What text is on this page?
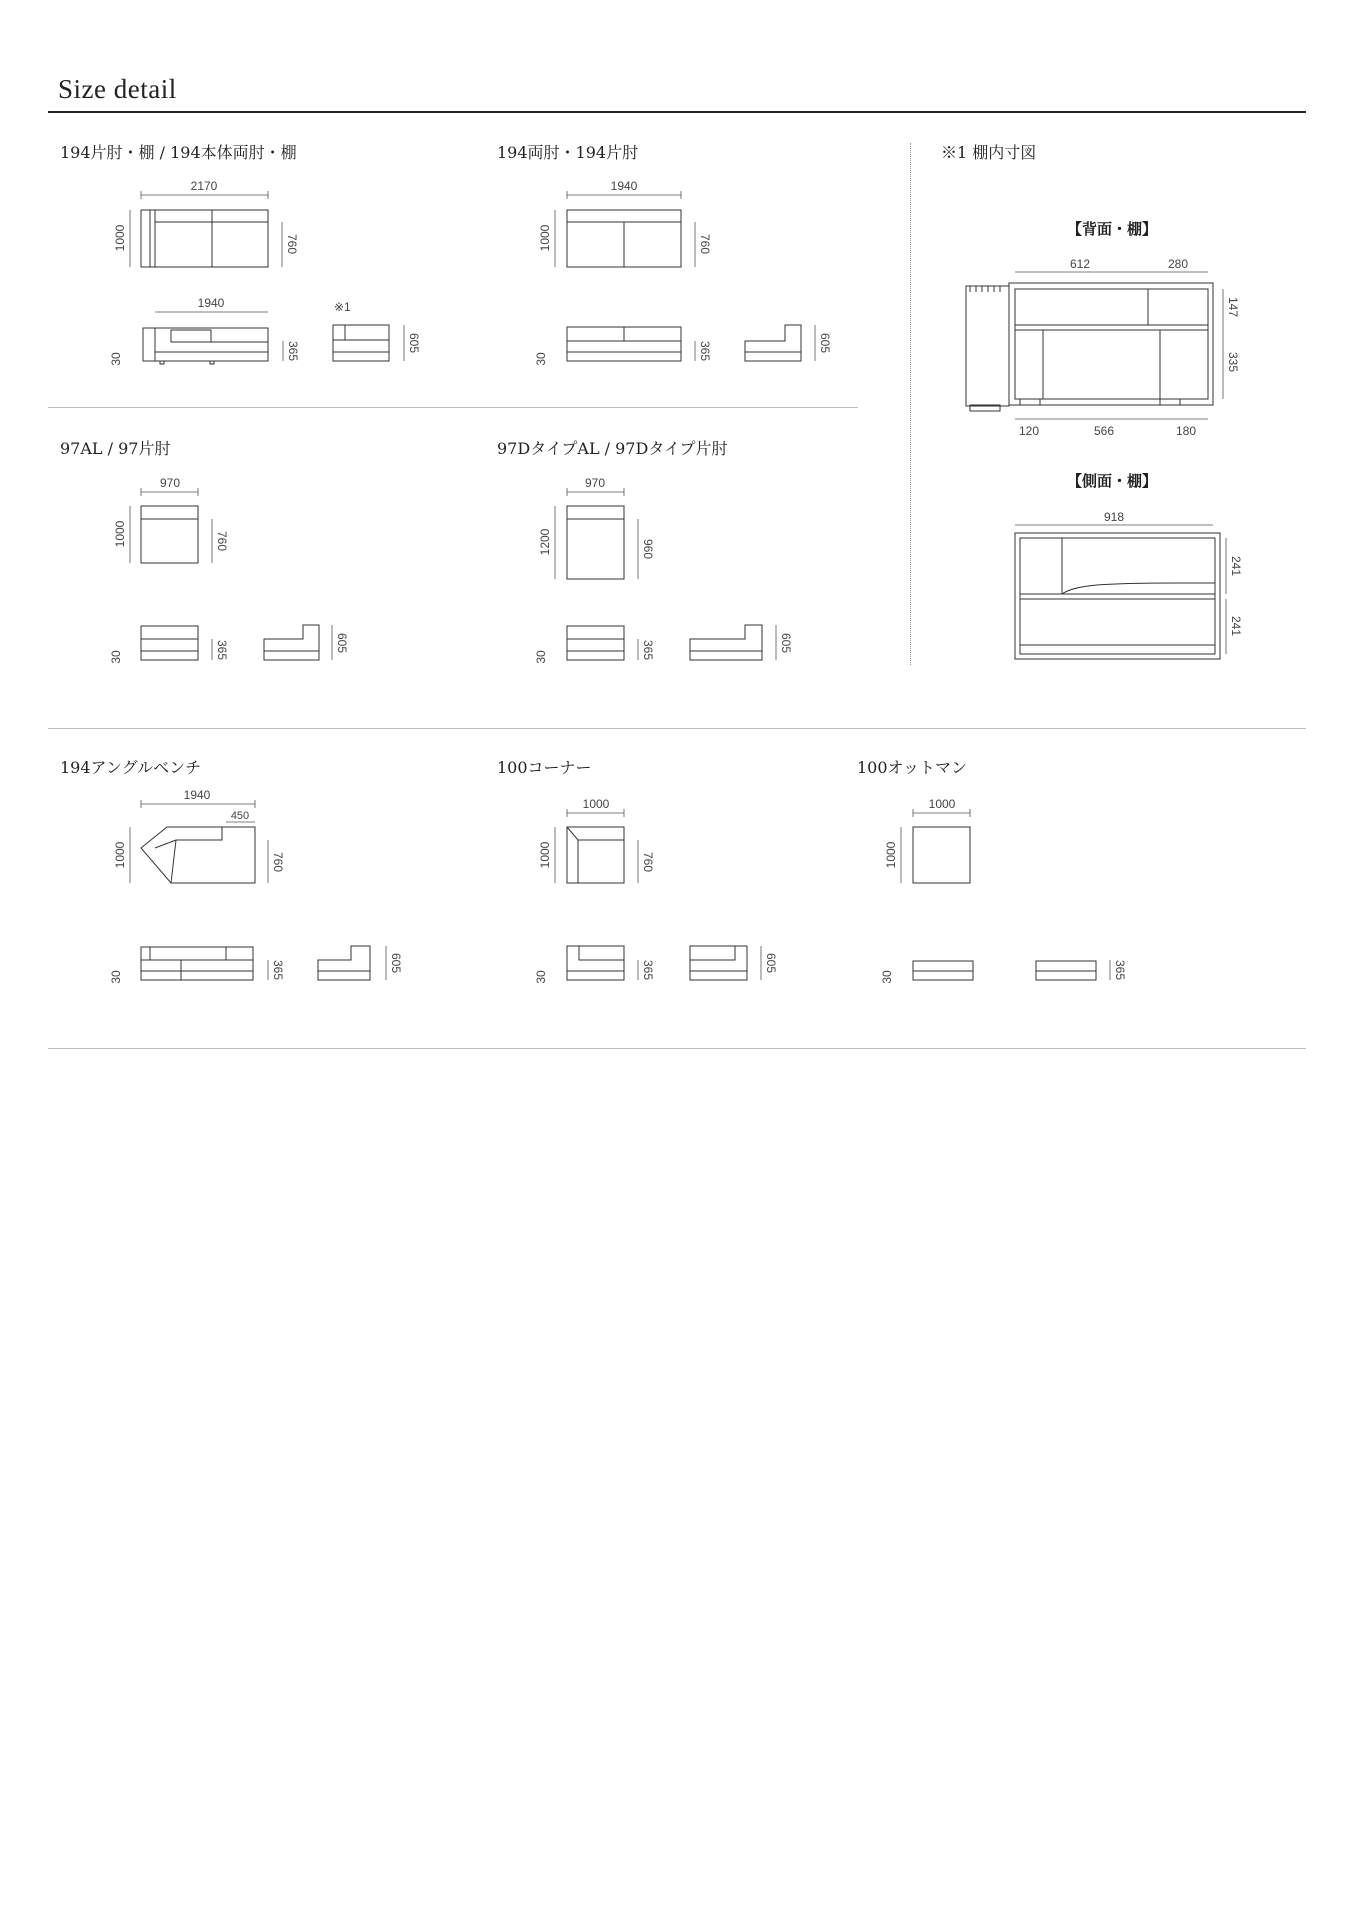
Size detail
194片肘・棚 / 194本体両肘・棚	194両肘・194片肘	※1 棚内寸図
97AL / 97片肘	97DタイプAL / 97Dタイプ片肘
194アングルベンチ	100コーナー	100オットマン
【背面・棚】
【側面・棚】
2170
1000	760
1940
30	365
※1
605
1940
1000	760
30	365	605
970
1000	760
30	365	605
970
1200	960
30	365	605
1940
450
1000	760
30	365	605
1000
1000	760
30	365	605
1000
1000
30	365
612	280
147
335
120	566	180
918
241
241
